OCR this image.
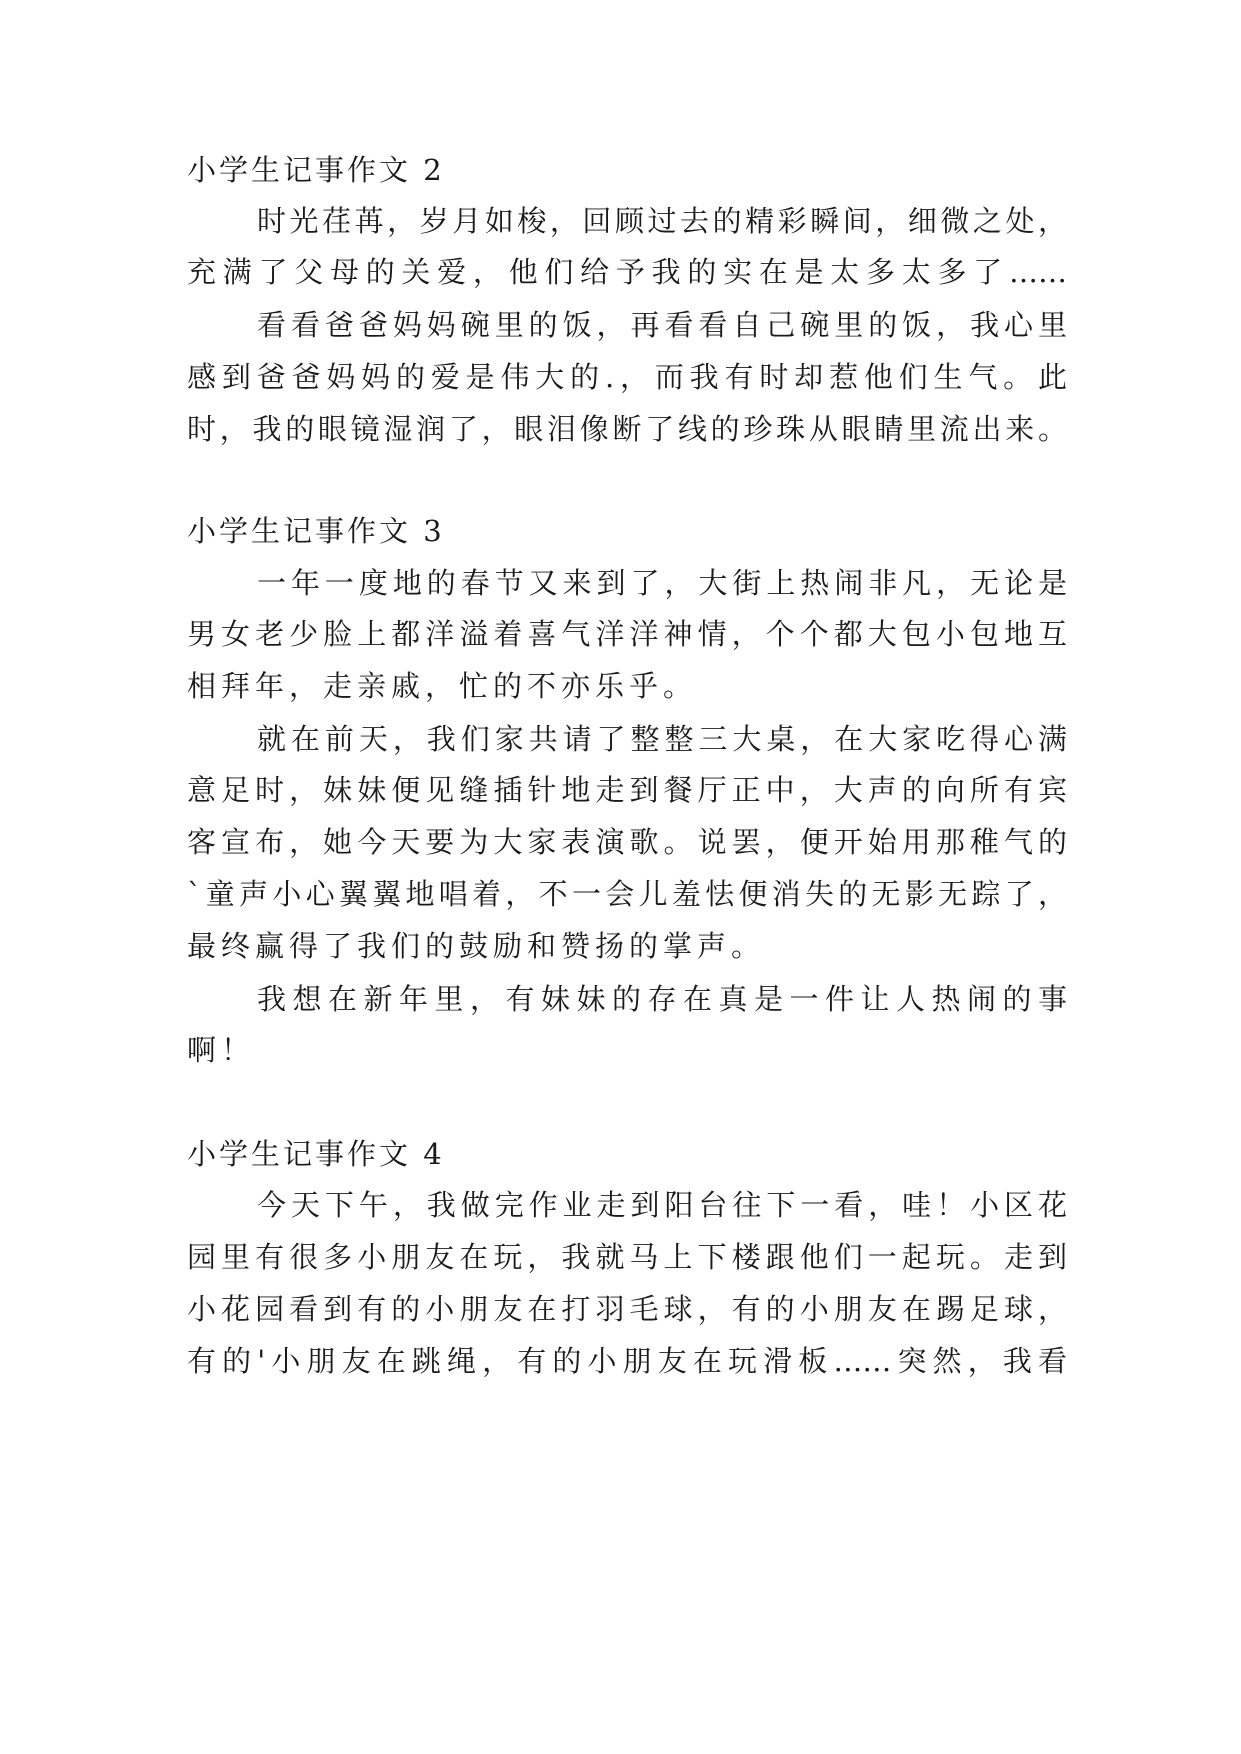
小学生记事作文 2
时光荏苒，岁月如梭，回顾过去的精彩瞬间，细微之处，
充满了父母的关爱，他们给予我的实在是太多太多了……
看看爸爸妈妈碗里的饭，再看看自己碗里的饭，我心里
感到爸爸妈妈的爱是伟大的.，而我有时却惹他们生气。此
时，我的眼镜湿润了，眼泪像断了线的珍珠从眼睛里流出来。
小学生记事作文 3
一年一度地的春节又来到了，大街上热闹非凡，无论是
男女老少脸上都洋溢着喜气洋洋神情，个个都大包小包地互
相拜年，走亲戚，忙的不亦乐乎。
就在前天，我们家共请了整整三大桌，在大家吃得心满
意足时，妹妹便见缝插针地走到餐厅正中，大声的向所有宾
客宣布，她今天要为大家表演歌。说罢，便开始用那稚气的
`童声小心翼翼地唱着，不一会儿羞怯便消失的无影无踪了，
最终赢得了我们的鼓励和赞扬的掌声。
我想在新年里，有妹妹的存在真是一件让人热闹的事
啊！
小学生记事作文 4
今天下午，我做完作业走到阳台往下一看，哇！小区花
园里有很多小朋友在玩，我就马上下楼跟他们一起玩。走到
小花园看到有的小朋友在打羽毛球，有的小朋友在踢足球，
有的'小朋友在跳绳，有的小朋友在玩滑板……突然，我看
